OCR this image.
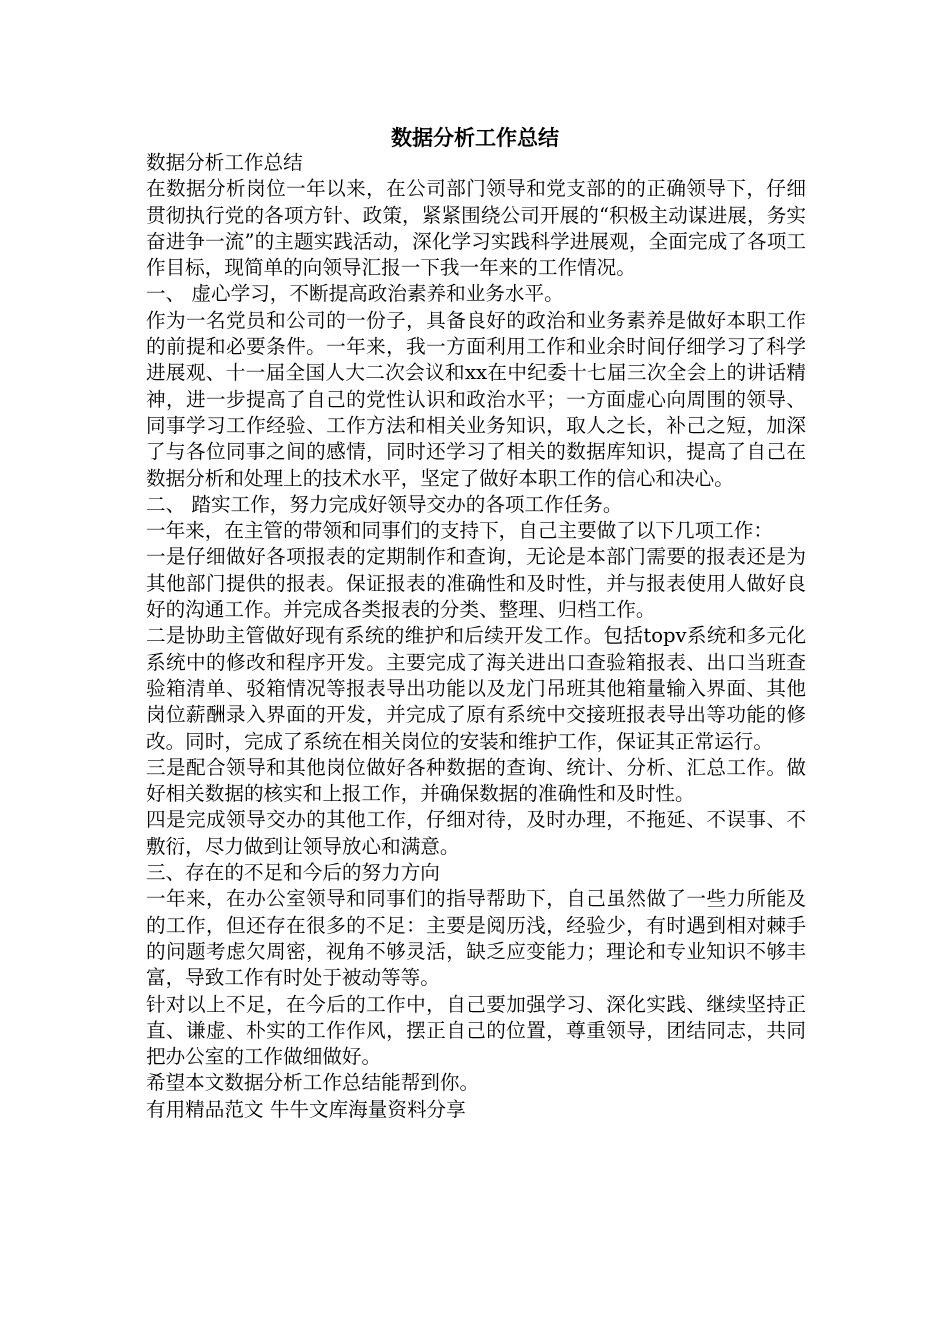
数据分析工作总结

数据分析工作总结

在数据分析岗位一年以来，在公司部门领导和党支部的的正确领导下，仔细贯彻执行党的各项方针、政策，紧紧围绕公司开展的“积极主动谋进展，务实奋进争一流”的主题实践活动，深化学习实践科学进展观，全面完成了各项工作目标，现简单的向领导汇报一下我一年来的工作情况。

一、 虚心学习，不断提高政治素养和业务水平。

作为一名党员和公司的一份子，具备良好的政治和业务素养是做好本职工作的前提和必要条件。一年来，我一方面利用工作和业余时间仔细学习了科学进展观、十一届全国人大二次会议和xx在中纪委十七届三次全会上的讲话精神，进一步提高了自己的党性认识和政治水平；一方面虚心向周围的领导、同事学习工作经验、工作方法和相关业务知识，取人之长，补己之短，加深了与各位同事之间的感情，同时还学习了相关的数据库知识，提高了自己在数据分析和处理上的技术水平，坚定了做好本职工作的信心和决心。

二、 踏实工作，努力完成好领导交办的各项工作任务。

一年来，在主管的带领和同事们的支持下，自己主要做了以下几项工作：

一是仔细做好各项报表的定期制作和查询，无论是本部门需要的报表还是为其他部门提供的报表。保证报表的准确性和及时性，并与报表使用人做好良好的沟通工作。并完成各类报表的分类、整理、归档工作。

二是协助主管做好现有系统的维护和后续开发工作。包括topv系统和多元化系统中的修改和程序开发。主要完成了海关进出口查验箱报表、出口当班查验箱清单、驳箱情况等报表导出功能以及龙门吊班其他箱量输入界面、其他岗位薪酬录入界面的开发，并完成了原有系统中交接班报表导出等功能的修改。同时，完成了系统在相关岗位的安装和维护工作，保证其正常运行。

三是配合领导和其他岗位做好各种数据的查询、统计、分析、汇总工作。做好相关数据的核实和上报工作，并确保数据的准确性和及时性。

四是完成领导交办的其他工作，仔细对待，及时办理，不拖延、不误事、不敷衍，尽力做到让领导放心和满意。

三、存在的不足和今后的努力方向

一年来，在办公室领导和同事们的指导帮助下，自己虽然做了一些力所能及的工作，但还存在很多的不足：主要是阅历浅，经验少，有时遇到相对棘手的问题考虑欠周密，视角不够灵活，缺乏应变能力；理论和专业知识不够丰富，导致工作有时处于被动等等。

针对以上不足，在今后的工作中，自己要加强学习、深化实践、继续坚持正直、谦虚、朴实的工作作风，摆正自己的位置，尊重领导，团结同志，共同把办公室的工作做细做好。

希望本文数据分析工作总结能帮到你。

有用精品范文 牛牛文库海量资料分享
